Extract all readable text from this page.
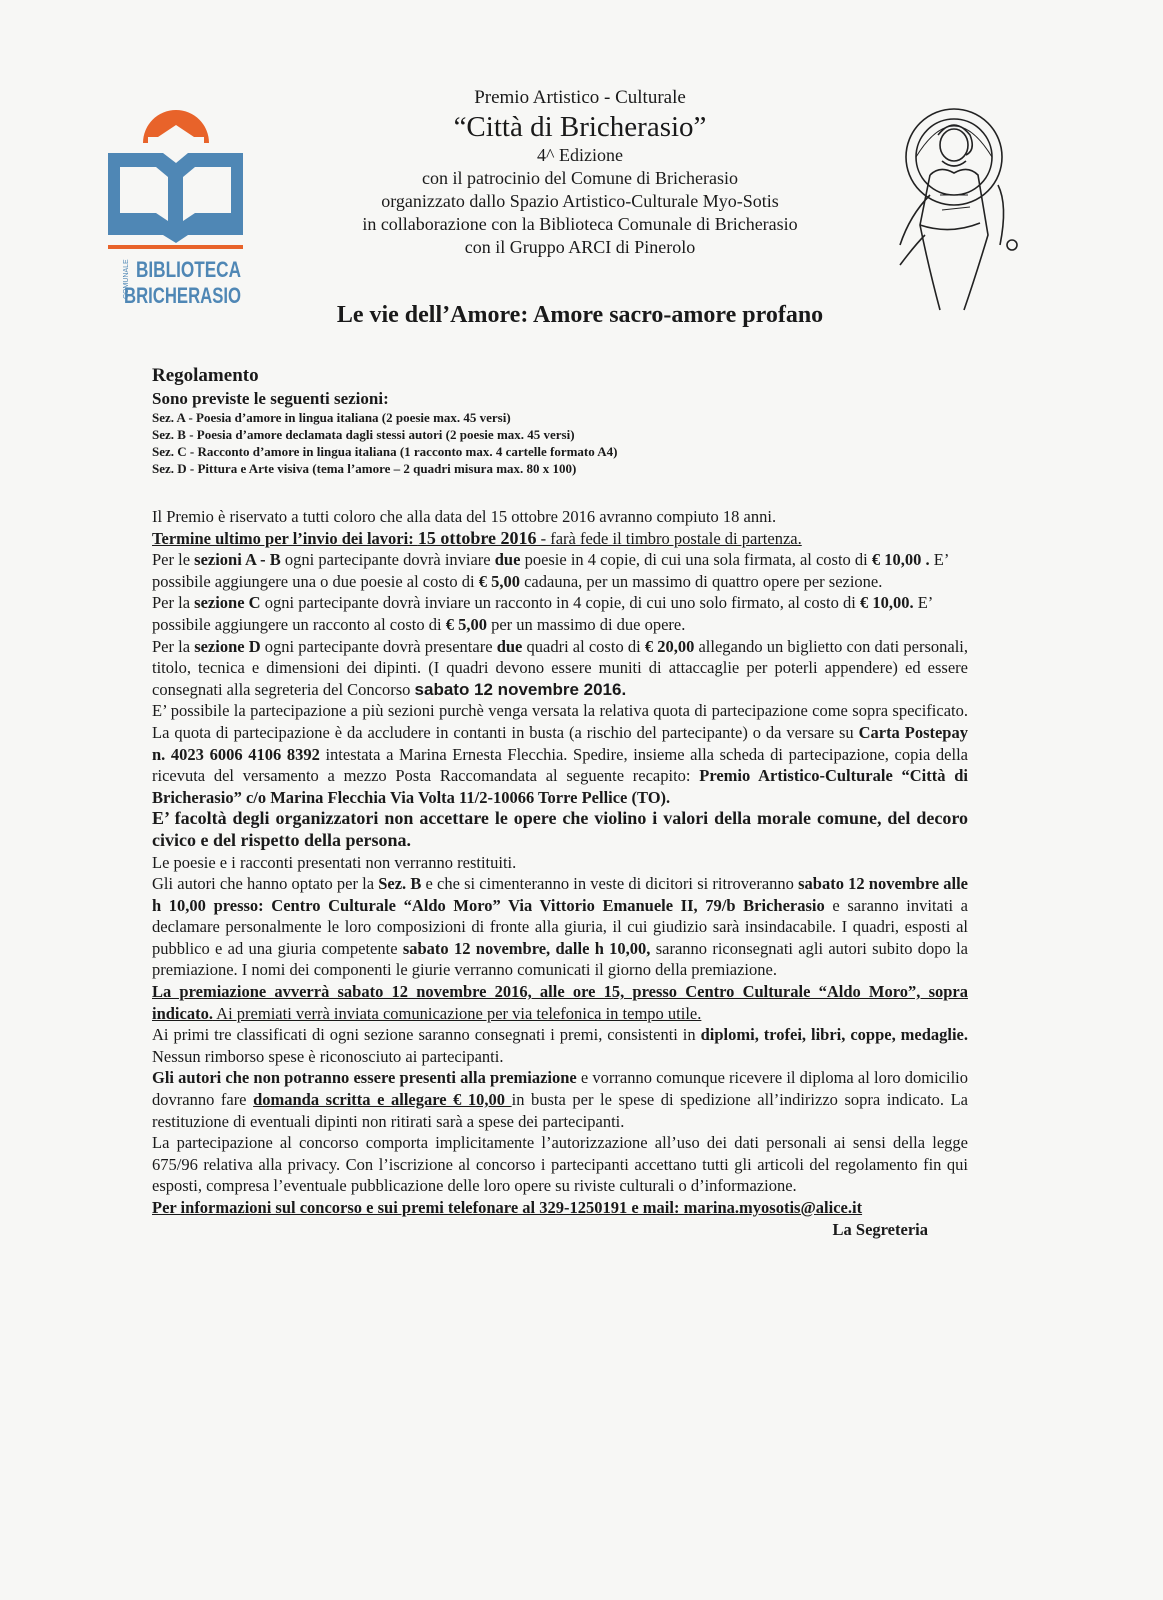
COMUNALE BIBLIOTECA
BRICHERASIO
Premio Artistico - Culturale
“Città di Bricherasio”
4^ Edizione
con il patrocinio del Comune di Bricherasio
organizzato dallo Spazio Artistico-Culturale Myo-Sotis
in collaborazione con la Biblioteca Comunale di Bricherasio
con il Gruppo ARCI di Pinerolo
Le vie dell’Amore: Amore sacro-amore profano
Regolamento
Sono previste le seguenti sezioni:
Sez. A - Poesia d’amore in lingua italiana (2 poesie max. 45 versi)
Sez. B - Poesia d’amore declamata dagli stessi autori (2 poesie max. 45 versi)
Sez. C - Racconto d’amore in lingua italiana (1 racconto max. 4 cartelle formato A4)
Sez. D - Pittura e Arte visiva (tema l’amore – 2 quadri misura max. 80 x 100)

Il Premio è riservato a tutti coloro che alla data del 15 ottobre 2016 avranno compiuto 18 anni.

Termine ultimo per l’invio dei lavori: 15 ottobre 2016 - farà fede il timbro postale di partenza.

Per le sezioni A - B ogni partecipante dovrà inviare due poesie in 4 copie, di cui una sola firmata, al costo di € 10,00 . E’ possibile aggiungere una o due poesie al costo di € 5,00 cadauna, per un massimo di quattro opere per sezione.

Per la sezione C ogni partecipante dovrà inviare un racconto in 4 copie, di cui uno solo firmato, al costo di € 10,00. E’ possibile aggiungere un racconto al costo di € 5,00 per un massimo di due opere.

Per la sezione D ogni partecipante dovrà presentare due quadri al costo di € 20,00 allegando un biglietto con dati personali, titolo, tecnica e dimensioni dei dipinti. (I quadri devono essere muniti di attaccaglie per poterli appendere) ed essere consegnati alla segreteria del Concorso sabato 12 novembre 2016.

E’ possibile la partecipazione a più sezioni purchè venga versata la relativa quota di partecipazione come sopra specificato. La quota di partecipazione è da accludere in contanti in busta (a rischio del partecipante) o da versare su Carta Postepay n. 4023 6006 4106 8392 intestata a Marina Ernesta Flecchia. Spedire, insieme alla scheda di partecipazione, copia della ricevuta del versamento a mezzo Posta Raccomandata al seguente recapito: Premio Artistico-Culturale “Città di Bricherasio” c/o Marina Flecchia Via Volta 11/2-10066 Torre Pellice (TO).

E’ facoltà degli organizzatori non accettare le opere che violino i valori della morale comune, del decoro civico e del rispetto della persona.

Le poesie e i racconti presentati non verranno restituiti.

Gli autori che hanno optato per la Sez. B e che si cimenteranno in veste di dicitori si ritroveranno sabato 12 novembre alle h 10,00 presso: Centro Culturale “Aldo Moro” Via Vittorio Emanuele II, 79/b Bricherasio e saranno invitati a declamare personalmente le loro composizioni di fronte alla giuria, il cui giudizio sarà insindacabile. I quadri, esposti al pubblico e ad una giuria competente sabato 12 novembre, dalle h 10,00, saranno riconsegnati agli autori subito dopo la premiazione. I nomi dei componenti le giurie verranno comunicati il giorno della premiazione.

La premiazione avverrà sabato 12 novembre 2016, alle ore 15, presso Centro Culturale “Aldo Moro”, sopra indicato. Ai premiati verrà inviata comunicazione per via telefonica in tempo utile.

Ai primi tre classificati di ogni sezione saranno consegnati i premi, consistenti in diplomi, trofei, libri, coppe, medaglie. Nessun rimborso spese è riconosciuto ai partecipanti.

Gli autori che non potranno essere presenti alla premiazione e vorranno comunque ricevere il diploma al loro domicilio dovranno fare domanda scritta e allegare € 10,00 in busta per le spese di spedizione all’indirizzo sopra indicato. La restituzione di eventuali dipinti non ritirati sarà a spese dei partecipanti.

La partecipazione al concorso comporta implicitamente l’autorizzazione all’uso dei dati personali ai sensi della legge 675/96 relativa alla privacy. Con l’iscrizione al concorso i partecipanti accettano tutti gli articoli del regolamento fin qui esposti, compresa l’eventuale pubblicazione delle loro opere su riviste culturali o d’informazione.

Per informazioni sul concorso e sui premi telefonare al 329-1250191 e mail: marina.myosotis@alice.it

La Segreteria
